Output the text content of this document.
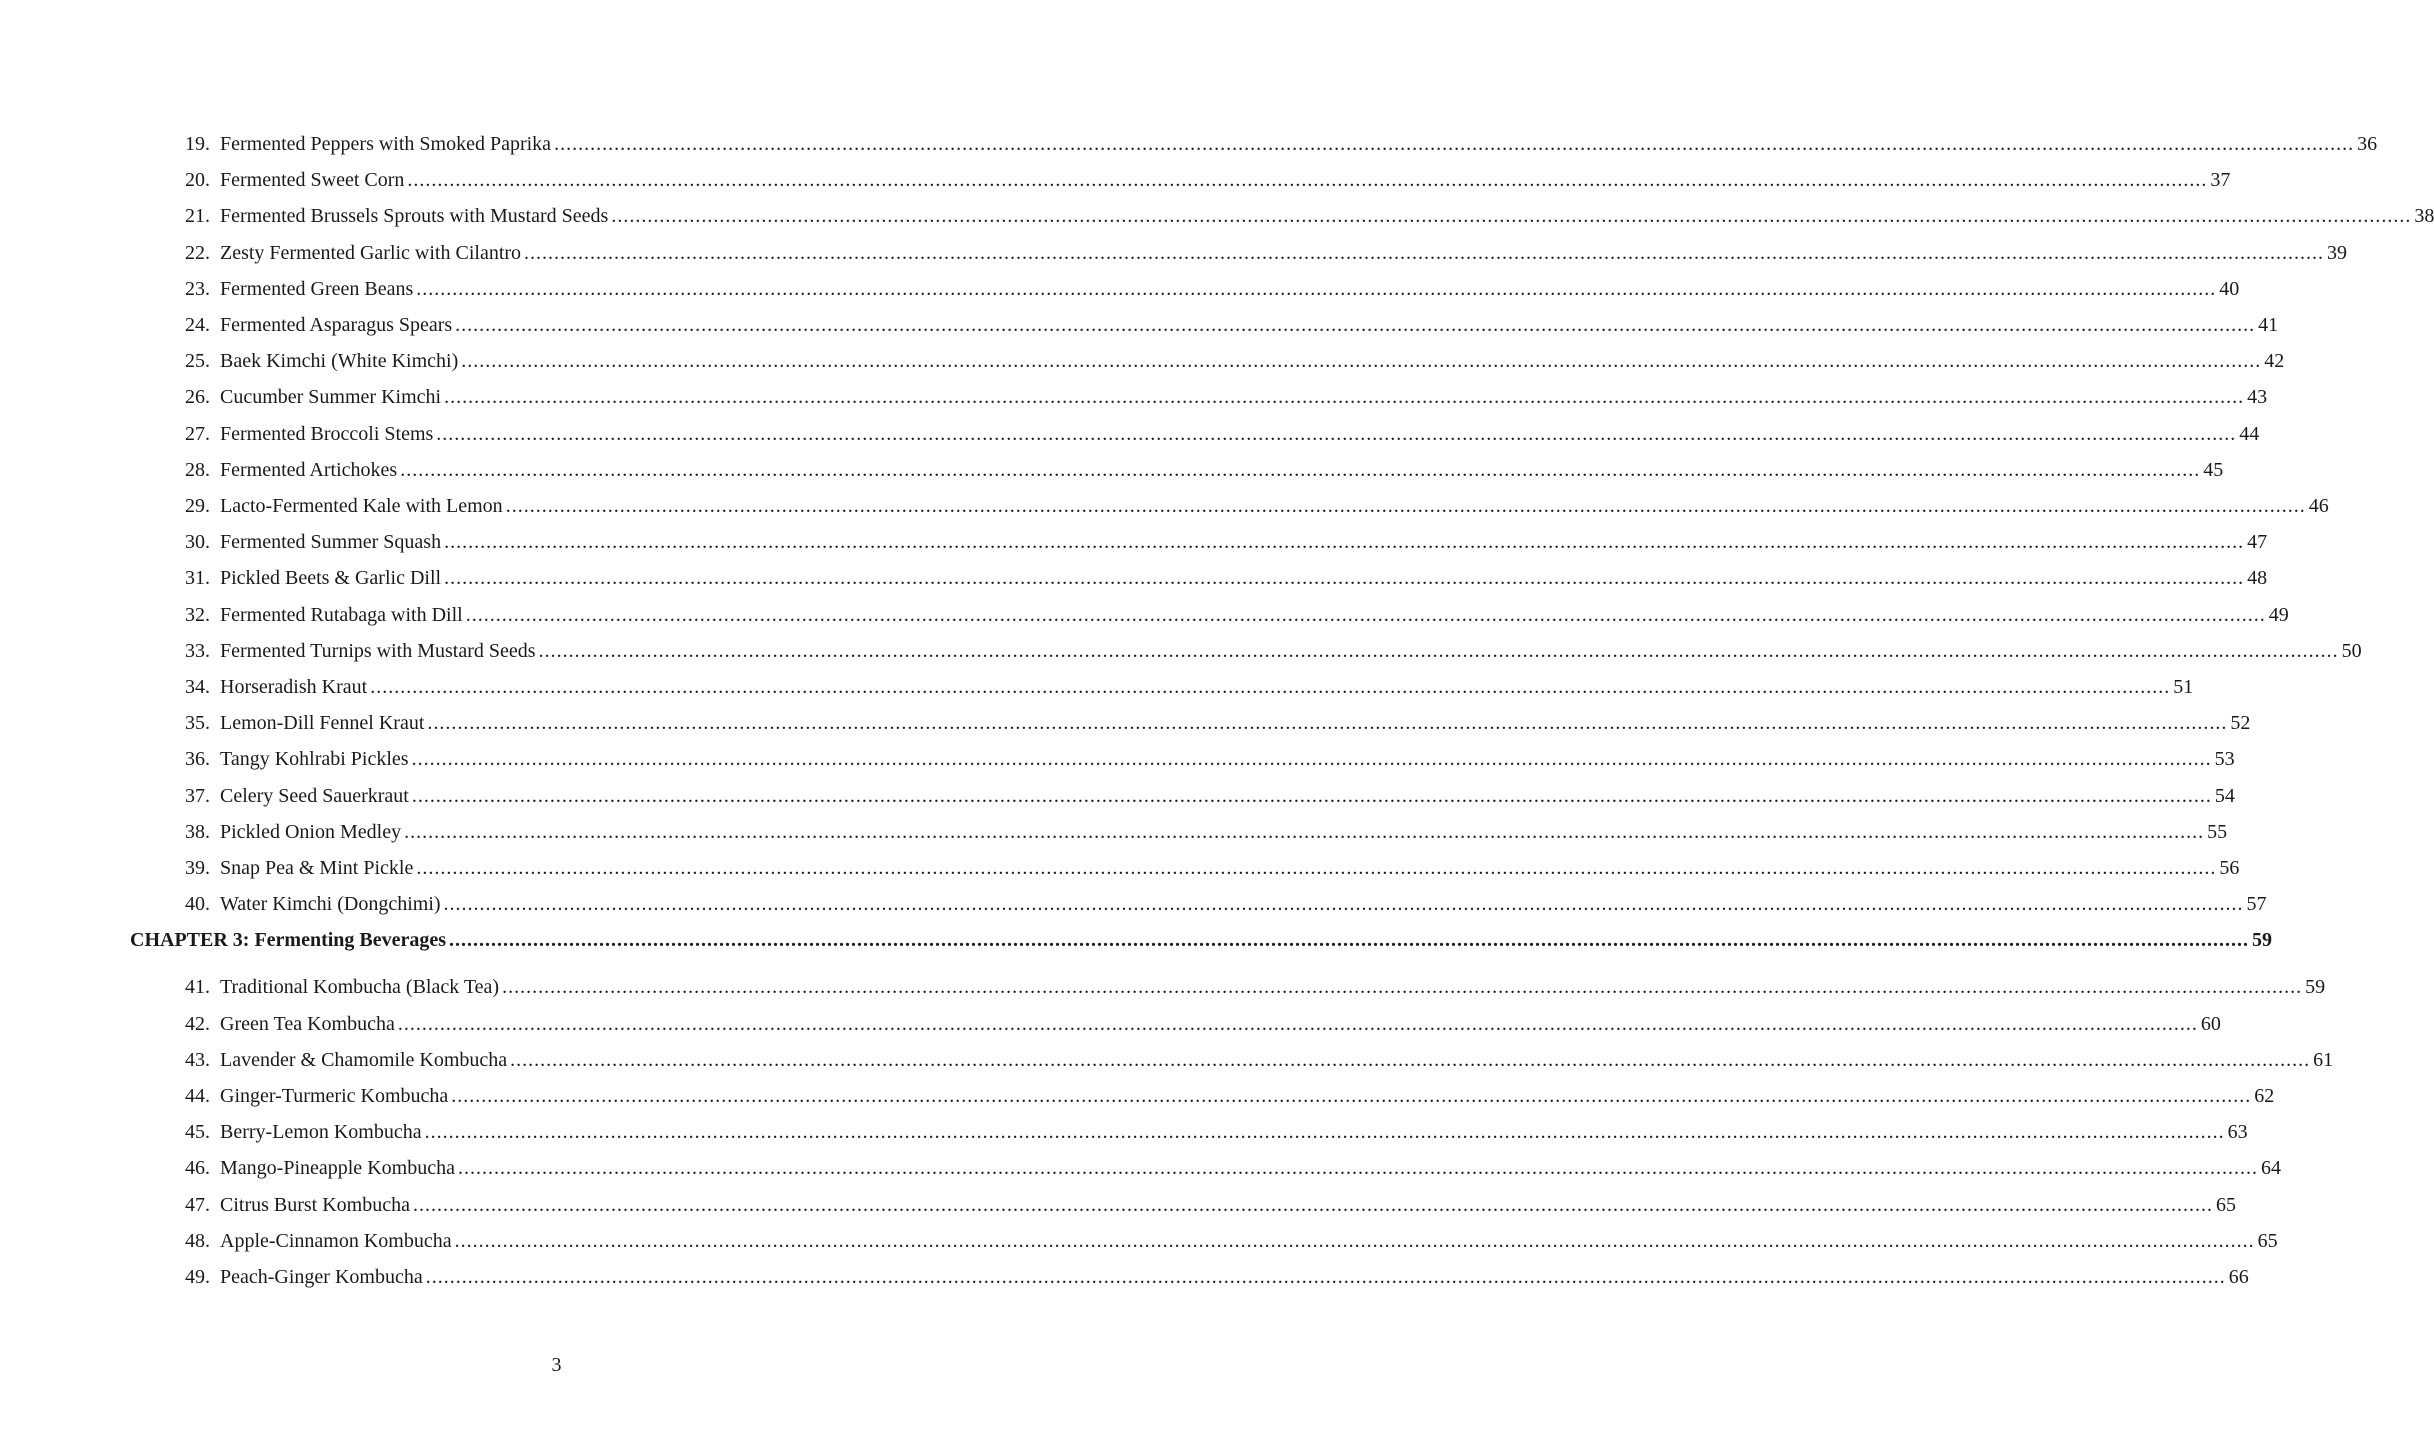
19. Fermented Peppers with Smoked Paprika ............................................................................................................................................................................................................................................................................................................ 36
20. Fermented Sweet Corn ............................................................................................................................................................................................................................................................................................................ 37
21. Fermented Brussels Sprouts with Mustard Seeds ............................................................................................................................................................................................................................................................................................................ 38
22. Zesty Fermented Garlic with Cilantro ............................................................................................................................................................................................................................................................................................................ 39
23. Fermented Green Beans ............................................................................................................................................................................................................................................................................................................ 40
24. Fermented Asparagus Spears ............................................................................................................................................................................................................................................................................................................ 41
25. Baek Kimchi (White Kimchi) ............................................................................................................................................................................................................................................................................................................ 42
26. Cucumber Summer Kimchi ............................................................................................................................................................................................................................................................................................................ 43
27. Fermented Broccoli Stems ............................................................................................................................................................................................................................................................................................................ 44
28. Fermented Artichokes ............................................................................................................................................................................................................................................................................................................ 45
29. Lacto-Fermented Kale with Lemon ............................................................................................................................................................................................................................................................................................................ 46
30. Fermented Summer Squash ............................................................................................................................................................................................................................................................................................................ 47
31. Pickled Beets & Garlic Dill ............................................................................................................................................................................................................................................................................................................ 48
32. Fermented Rutabaga with Dill ............................................................................................................................................................................................................................................................................................................ 49
33. Fermented Turnips with Mustard Seeds ............................................................................................................................................................................................................................................................................................................ 50
34. Horseradish Kraut ............................................................................................................................................................................................................................................................................................................ 51
35. Lemon-Dill Fennel Kraut ............................................................................................................................................................................................................................................................................................................ 52
36. Tangy Kohlrabi Pickles ............................................................................................................................................................................................................................................................................................................ 53
37. Celery Seed Sauerkraut ............................................................................................................................................................................................................................................................................................................ 54
38. Pickled Onion Medley ............................................................................................................................................................................................................................................................................................................ 55
39. Snap Pea & Mint Pickle ............................................................................................................................................................................................................................................................................................................ 56
40. Water Kimchi (Dongchimi) ............................................................................................................................................................................................................................................................................................................ 57
CHAPTER 3: Fermenting Beverages ............................................................................................................................................................................................................................................................................................................ 59
41. Traditional Kombucha (Black Tea) ............................................................................................................................................................................................................................................................................................................ 59
42. Green Tea Kombucha ............................................................................................................................................................................................................................................................................................................ 60
43. Lavender & Chamomile Kombucha ............................................................................................................................................................................................................................................................................................................ 61
44. Ginger-Turmeric Kombucha ............................................................................................................................................................................................................................................................................................................ 62
45. Berry-Lemon Kombucha ............................................................................................................................................................................................................................................................................................................ 63
46. Mango-Pineapple Kombucha ............................................................................................................................................................................................................................................................................................................ 64
47. Citrus Burst Kombucha ............................................................................................................................................................................................................................................................................................................ 65
48. Apple-Cinnamon Kombucha ............................................................................................................................................................................................................................................................................................................ 65
49. Peach-Ginger Kombucha ............................................................................................................................................................................................................................................................................................................ 66
3
